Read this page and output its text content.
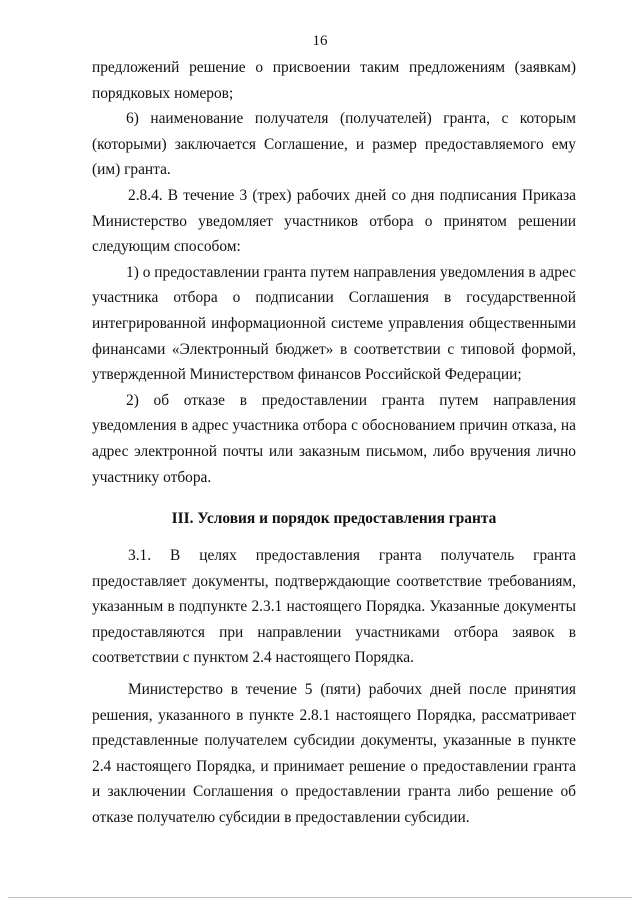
16

предложений решение о присвоении таким предложениям (заявкам) порядковых номеров;

6) наименование получателя (получателей) гранта, с которым (которыми) заключается Соглашение, и размер предоставляемого ему (им) гранта.

2.8.4. В течение 3 (трех) рабочих дней со дня подписания Приказа Министерство уведомляет участников отбора о принятом решении следующим способом:

1) о предоставлении гранта путем направления уведомления в адрес участника отбора о подписании Соглашения в государственной интегрированной информационной системе управления общественными финансами «Электронный бюджет» в соответствии с типовой формой, утвержденной Министерством финансов Российской Федерации;

2) об отказе в предоставлении гранта путем направления уведомления в адрес участника отбора с обоснованием причин отказа, на адрес электронной почты или заказным письмом, либо вручения лично участнику отбора.

III. Условия и порядок предоставления гранта

3.1. В целях предоставления гранта получатель гранта предоставляет документы, подтверждающие соответствие требованиям, указанным в подпункте 2.3.1 настоящего Порядка. Указанные документы предоставляются при направлении участниками отбора заявок в соответствии с пунктом 2.4 настоящего Порядка.

Министерство в течение 5 (пяти) рабочих дней после принятия решения, указанного в пункте 2.8.1 настоящего Порядка, рассматривает представленные получателем субсидии документы, указанные в пункте 2.4 настоящего Порядка, и принимает решение о предоставлении гранта и заключении Соглашения о предоставлении гранта либо решение об отказе получателю субсидии в предоставлении субсидии.
